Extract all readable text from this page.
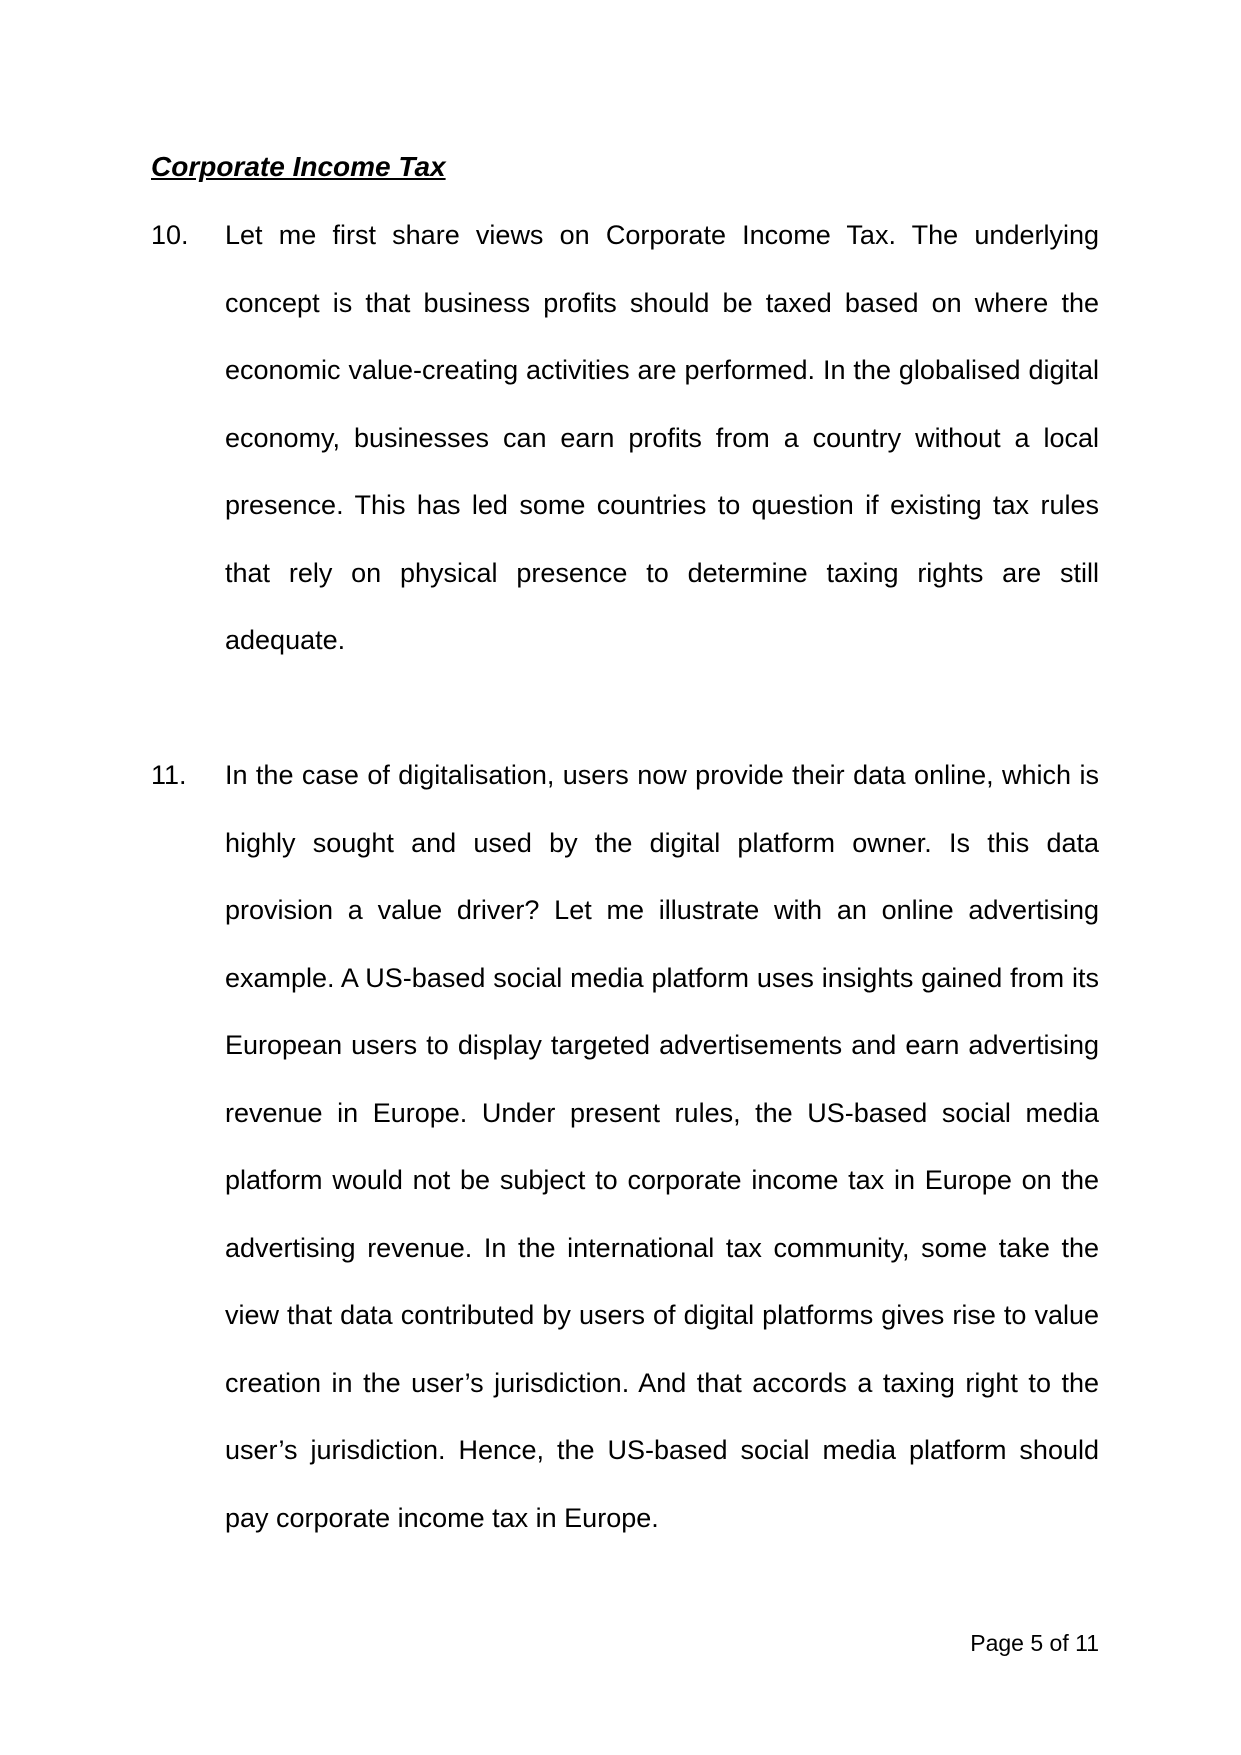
Corporate Income Tax
10. Let me first share views on Corporate Income Tax. The underlying concept is that business profits should be taxed based on where the economic value-creating activities are performed. In the globalised digital economy, businesses can earn profits from a country without a local presence. This has led some countries to question if existing tax rules that rely on physical presence to determine taxing rights are still adequate.

11. In the case of digitalisation, users now provide their data online, which is highly sought and used by the digital platform owner. Is this data provision a value driver? Let me illustrate with an online advertising example. A US-based social media platform uses insights gained from its European users to display targeted advertisements and earn advertising revenue in Europe. Under present rules, the US-based social media platform would not be subject to corporate income tax in Europe on the advertising revenue. In the international tax community, some take the view that data contributed by users of digital platforms gives rise to value creation in the user’s jurisdiction. And that accords a taxing right to the user’s jurisdiction. Hence, the US-based social media platform should pay corporate income tax in Europe.

Page 5 of 11
